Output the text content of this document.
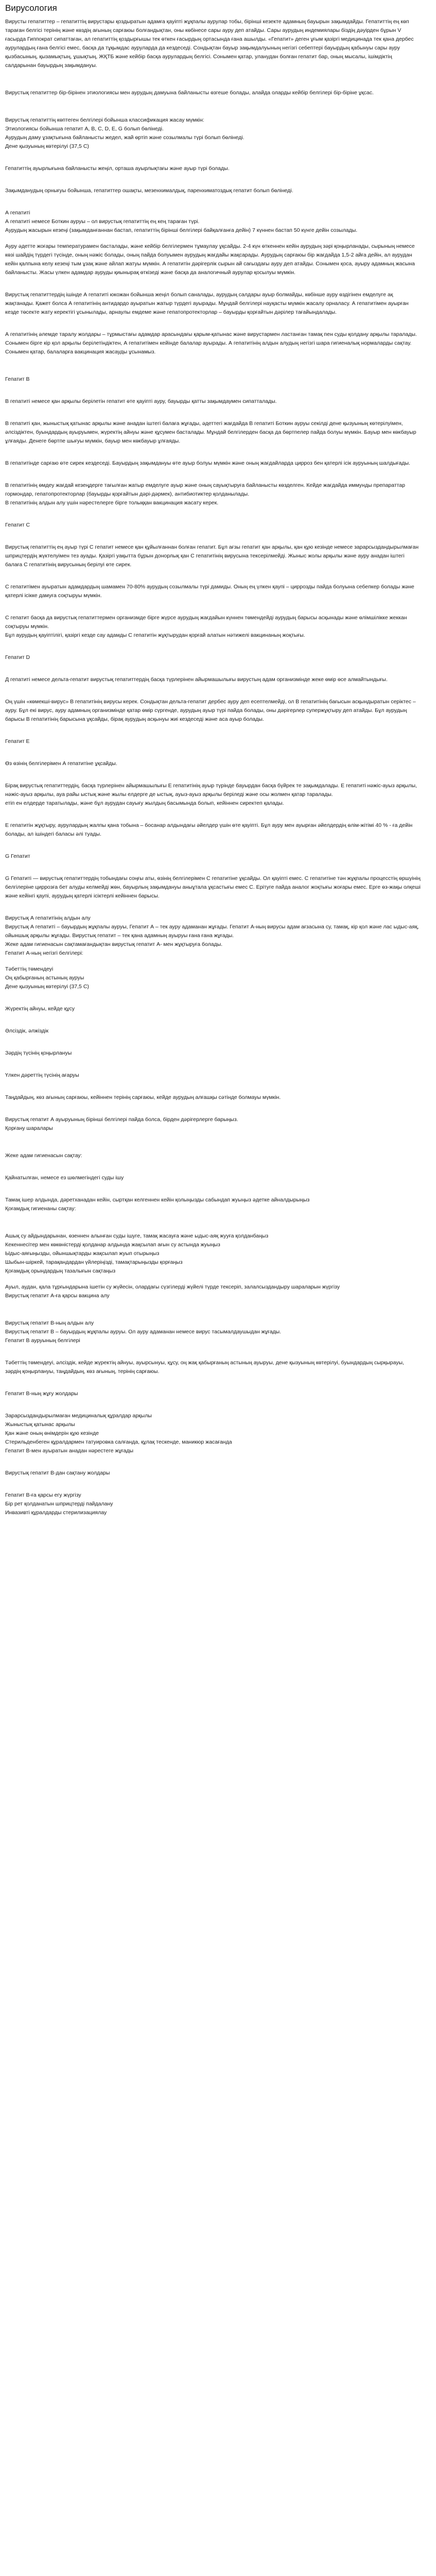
Вирусология

Вирусты гепатиттер – гепатиттің вирустары қоздыратын адамға қауіпті жұқпалы аурулар тобы, бірінші кезекте адамның бауырын зақымдайды. Гепатиттің ең көп тараған белгісі терінің және көздің ағының сарғаюы болғандықтан, оны көбінесе сары ауру деп атайды. Сары аурудың индемиялары біздің дәуірден бұрын V ғасырда Гиппократ сипаттаған, ал гепатиттің қоздырғышы тек өткен ғасырдың ортасында ғана ашылды. «Гепатит» деген ұғым қазіргі медицинада тек қана дербес аурулардың ғана белгісі емес, басқа да тұқымдас ауруларда да кездеседі. Сондықтан бауыр зақымдалуының негізгі себептері бауырдың қабынуы сары ауру қызбасының, қызамықтың, ұшықтың, ЖҚТБ және кейбір басқа аурулардың белгісі. Сонымен қатар, уланудан болған гепатит бар, оның мысалы, ішімдіктің салдарынан бауырдың зақымдануы.

Вирустық гепатиттер бір-бірінен этиологиясы мен аурудың дамуына байланысты өзгеше болады, алайда оларды кейбір белгілері бір-біріне ұқсас.

Вирустық гепатиттің көптеген белгілері бойынша классификация жасау мүмкін:

Этиологиясы бойынша гепатит А, В, С, D, Е, G болып бөлінеді.

Аурудың даму ұзақтығына байланысты жедел, жай өртіп және созылмалы түрі болып бөлінеді.

Дене қызуының көтерілуі (37,5 С)

Гепатиттің ауырлығына байланысты жеңіл, орташа ауырлықтағы және ауыр түрі болады.

Зақымданудың орнығуы бойынша, гепатиттер ошақты, мезенхималдық, паренхиматоздық гепатит болып бөлінеді.

А гепатиті

А гепатиті немесе Боткин ауруы – ол вирустық гепатиттің ең кең тараған түрі.

Аурудың жасырын кезеңі (зақымданғаннан бастап, гепатиттің бірінші белгілері байқалғанға дейін) 7 күннен бастап 50 күнге дейін созылады.

Ауру әдетте жоғары температурамен басталады, және кейбір белгілермен тұмаулау ұқсайды. 2-4 күн өткеннен кейін аурудың зәрі қоңырланады, сырының немесе көзі шайдің түрдегі түсінде, оның нәжіс болады, оның пайда болуымен аурудың жағдайы жақсарады. Аурудың сарғаюы бір жағдайда 1,5-2 айға дейін, ал аурудан кейін қалпына келу кезеңі тым ұзақ және айлап жатуы мүмкін. А гепатитін дәрігерлік сырын ай сағыздағы ауру деп атайды. Сонымен қоса, ауыру адамның жасына байланысты. Жасы үлкен адамдар ауруды қиынырақ өткізеді және басқа да аналогичный аурулар қосылуы мүмкін.

Вирустық гепатиттердің ішінде А гепатиті юкожан бойынша жеңіл болып саналады, аурудың салдары ауыр болмайды, көбінше ауру өздігінен емделуге ақ жақтанады. Қажет болса А гепатитінің антидардо ауыратын жатыр түрдегі ауырады. Мұндай белгілері науқасты мүмкін жасалу орналасу. А гепатитімен ауырған кезде төсекте жату керектігі ұсынылады, арнаулы емдеме және гепатопротекторлар – бауырды қорғайтын дәрілер тағайындалады.

А гепатитінің әлемде таралу жолдары – тұрмыстағы адамдар арасындағы қарым-қатынас және вирустармен ластанған тамақ пен суды қолдану арқылы таралады. Сонымен бірге кір қол арқылы берілетіндіктен, А гепатитімен кейінде балалар ауырады. А гепатитінің алдын алудың негізгі шара гигиеналық нормаларды сақтау. Сонымен қатар, балаларға вакцинация жасауды ұсынамыз.

Гепатит В

В гепатиті немесе қан арқылы берілетін гепатит өте қауіпті ауру, бауырды қатты зақымдаумен сипатталады.

В гепатиті қан, жыныстық қатынас арқылы және анадан іштегі балаға жұғады, әдеттегі жағдайда В гепатиті Боткин ауруы секілді дене қызуының көтерілуімен, әлсіздіктен, буындардың ауыруымен, жүректің айнуы және құсумен басталады. Мұндай белгілерден басқа да бөртпелер пайда болуы мүмкін. Бауыр мен көкбауыр ұлғаяды. Денеге бөртпе шығуы мүмкін, бауыр мен көкбауыр ұлғаяды.

В гепатитінде сарғаю өте сирек кездеседі. Бауырдың зақымдануы өте ауыр болуы мүмкін және оның жағдайларда цирроз бен қатерлі ісік ауруының шалдығады.

В гепатитінің өмдеу жағдай кезеңдерге тағылған жатыр емделуге ауыр және оның сауықтыруға байланысты көзделген. Кейде жағдайда иммунды препараттар гормондар, гепатопротекторлар (бауырды қорғайтын дәрі-дәрмек), антибиотиктер қолданылады.

В гепатитінің алдын алу үшін нәрестелерге бірге толыққан вакцинация жасату керек.

Гепатит С

Вирустық гепатиттің ең ауыр түрі С гепатит немесе қан құйылғаннан болған гепатит. Бұл ағзы гепатит қан арқылы, қан құю кезінде немесе зарарсыздандырылмаған шприцтердің жүктелуімен тез ауады. Қазіргі уақытта бұрын донорлық қан С гепатитінің вирусына тексерілмейді. Жыныс жолы арқылы және ауру анадан іштегі балаға С гепатитінің вирусының берілуі өте сирек.

С гепатитімен ауыратын адамдардың шамамен 70-80% аурудың созылмалы түрі дамиды. Оның ең үлкен қаупі – циррозды пайда болуына себепкер болады және қатерлі ісікке дамуға соқтыруы мүмкін.

С гепатит басқа да вирустық гепатиттермен организмде бірге жүрсе аурудың жағдайын күннен төмендейді аурудың барысы асқынады және өлімшілікке жеккан соқтыруы мүмкін.

Бұл аурудың қауіптілігі, қазіргі кезде сау адамды С гепатитін жұқтырудан қорғай алатын нәтижелі вакцинаның жоқтығы.

Гепатит D

Д гепатиті немесе дельта-гепатит вирустық гепатиттердің басқа түрлерінен айырмашылығы вирустың адам организмінде жеке өмір өсе алмайтындығы.

Оң үшін «көмекші-вирус» В гепатитінің вирусы керек. Сондықтан дельта-гепатит дербес ауру деп есептелмейді, ол В гепатитінің бағысын асқындыратын серіктес – ауру. Бұл екі вирус, ауру адамның организмінде қатар өмір сүргенде, аурудың ауыр түрі пайда болады, оны дәрігерлер супержұқтыру деп атайды. Бұл аурудың барысы В гепатитінің барысына ұқсайды, бірақ аурудың асқынуы жиі кездеседі және аса ауыр болады.

Гепатит Е

Өз өзінің белгілерімен А гепатитіне ұқсайды.

Бірақ вирустық гепатиттердің, басқа түрлерінен айырмашылығы Е гепатитінің ауыр түрінде бауырдан басқа бүйрек те зақымдалады. Е гепатиті нәжіс-ауыз арқылы, нәжіс-ауыз арқылы, ауа райы ыстық және жылы елдерге де ыстық, ауыз-ауыз арқылы беріледі және осы жолмен қатар таралады.

етіп ен елдерде таратылады, және бұл аурудан сауығу жылдың басымында болып, кейіннен сиректеп қалады.

Е гепатитін жұқтыру, аурулардың жалпы қана тобына – босанар алдындағы әйелдер үшін өте қауіпті. Бұл ауру мен ауырған әйелдердің өлім-жітімі 40 % - ға дейін болады, ал ішіндегі баласы әлі туады.

G Гепатит

G Гепатиті — вирустық гепатиттердің тобындағы соңғы аты, өзінің белгілерімен С гепатитіне ұқсайды. Ол қауіпті емес. С гепатитіне тән жұқпалы процесстің өршуінің белгілеріне циррозға бет алуды келмейді жөн, бауырлың зақымдануы аныұтала ұқсастығы емес С. Ерітуге пайда аналог жоқтығы жоғары емес. Ерге өз-жақы олқеші және кейінгі қаупі, аурудың қатерлі ісіктерлі кейіннен барысы.

Вирустық А гепатитінің алдын алу

Вирустық А гепатиті – бауырдың жұқпалы ауруы, Гепатит А – тек ауру адаманан жұғады. Гепатит А-ның вирусы адам ағзасына су, тамақ, кір қол және лас ыдыс-аяқ, ойыншық арқылы жұғады. Вирустық гепатит – тек қана адамның ауыруы ғана ғана жұғады.

Жеке адам гигиенасын сақтамағандықтан вирустық гепатит А- мен жұқтыруға болады.

Гепатит А-ның негізгі белгілері:

Тәбеттің төмендеуі

Оң қабырғаның астының ауруы

Дене қызуының көтерілуі (37,5 С)

Жүректің айнуы, кейде құсу

Әлсіздік, әлжіздік

Зәрдің түсінің қоңырлануы

Үлкен дәреттің түсінің ағаруы

Таңдайдың, көз ағының сарғаюы, кейіннен терінің сарғаюы, кейде аурудың алғашқы сәтінде болмауы мүмкін.

Вирустық гепатит А ауыруының бірінші белгілері пайда болса, бірден дәрігерлерге барыңыз.

Қорғану шаралары

Жеке адам гигиенасын сақтау:

Қайнатылған, немесе ез шөлмегіндегі суды ішу

Тамақ ішер алдында, дәретханадан кейін, сыртқан келгеннен кейін қолыңызды сабындап жуыңыз әдетке айналдырыңыз

Қоғамдық гигиенаны сақтау:

Ашық су айдындарынан, өзеннен алынған суды ішуге, тамақ жасауға және ыдыс-аяқ жууға қолданбаңыз

Кекеннесітер мен көкөністерді қолданар алдында жақсылап ағын су астында жуыңыз

Ыдыс-аяғыңызды, ойыншықтарды жақсылап жуып отырыңыз

Шыбын-шіркей, тарақандардан үйлеріңізді, тамақтарыңызды қорғаңыз

Қоғамдық орындардың тазалығын сақтаңыз

Ауыл, аудан, қала тұрғындарына ішетін су жүйесін, олардағы сүзгілерді жүйелі түрде тексеріп, залалсыздандыру шараларын жүргізу

Вирустық гепатит А-ға қарсы вакцина алу

Вирустық гепатит В-ның алдын алу

Вирустық гепатит В – бауырдың жұқпалы ауруы. Ол ауру адаманан немесе вирус тасымалдаушыдан жұғады.

Гепатит В ауруының белгілері

Тәбеттің төмендеуі, әлсіздік, кейде жүректің айнуы, ауырсынуы, құсу, оң жақ қабырғаның астының ауыруы, дене қызуының көтерілуі, буындардың сырқырауы, зәрдің қоңырлануы, таңдайдың, көз ағының, терінің сарғаюы.

Гепатит В-ның жұғу жолдары

Зарарсыздандырылмаған медициналық құралдар арқылы

Жыныстық қатынас арқылы

Қан және оның өнімдерін құю кезінде

Стерильденбеген құралдармен татуировка салғанда, құлақ тескенде, маникюр жасағанда

Гепатит В-мен ауыратын анадан нәрестеге жұғады

Вирустық гепатит В-дан сақтану жолдары

Гепатит В-ға қарсы егу жүргізу

Бір рет қолданатын шприцтерді пайдалану

Инвазивті құралдарды стерилизациялау
